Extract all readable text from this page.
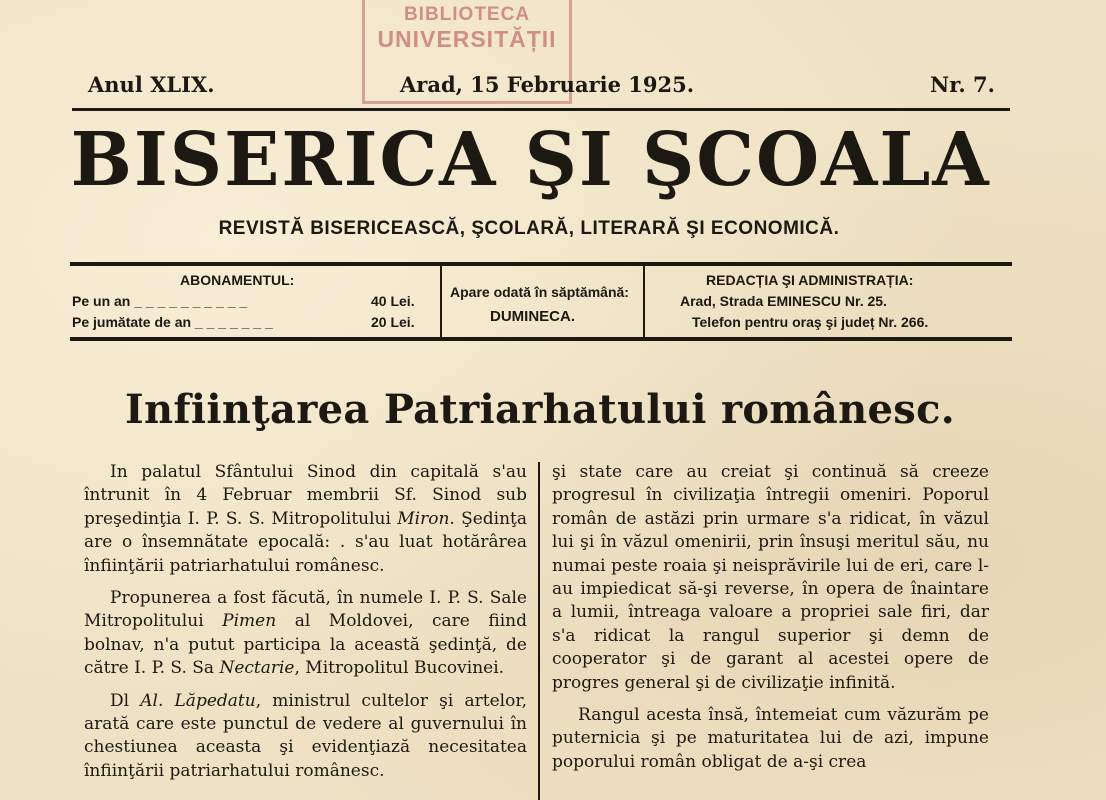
BIBLIOTECA
UNIVERSITĂȚII
Anul XLIX.	Arad, 15 Februarie 1925.	Nr. 7.
BISERICA ŞI ŞCOALA
REVISTĂ BISERICEASCĂ, ŞCOLARĂ, LITERARĂ ŞI ECONOMICĂ.
ABONAMENTUL:
Pe un an _ _ _ _ _ _ _ _ _ _	40 Lei.
Pe jumătate de an _ _ _ _ _ _ _	20 Lei.
Apare odată în săptămână:
DUMINECA.
REDACȚIA ŞI ADMINISTRAȚIA:
Arad, Strada EMINESCU Nr. 25.
Telefon pentru oraş şi județ Nr. 266.
Infiinţarea Patriarhatului românesc.

In palatul Sfântului Sinod din capitală s'au întrunit în 4 Februar membrii Sf. Sinod sub preşedinţia I. P. S. S. Mitropolitului Miron. Şedinţa are o însemnătate epocală: . s'au luat hotărârea înfiinţării patriarhatului românesc.

Propunerea a fost făcută, în numele I. P. S. Sale Mitropolitului Pimen al Moldovei, care fiind bolnav, n'a putut participa la această şedinţă, de către I. P. S. Sa Nectarie, Mitropolitul Bucovinei.

Dl Al. Lăpedatu, ministrul cultelor şi artelor, arată care este punctul de vedere al guvernului în chestiunea aceasta şi evidenţiază necesitatea înfiinţării patriarhatului românesc.

şi state care au creiat şi continuă să creeze progresul în civilizaţia întregii omeniri. Poporul român de astăzi prin urmare s'a ridicat, în văzul lui şi în văzul omenirii, prin însuşi meritul său, nu numai peste roaia şi neisprăvirile lui de eri, care l-au impiedicat să-şi reverse, în opera de înaintare a lumii, întreaga valoare a propriei sale firi, dar s'a ridicat la rangul superior şi demn de cooperator şi de garant al acestei opere de progres general şi de civilizaţie infinită.

Rangul acesta însă, întemeiat cum văzurăm pe puternicia şi pe maturitatea lui de azi, impune poporului român obligat de a-şi crea
